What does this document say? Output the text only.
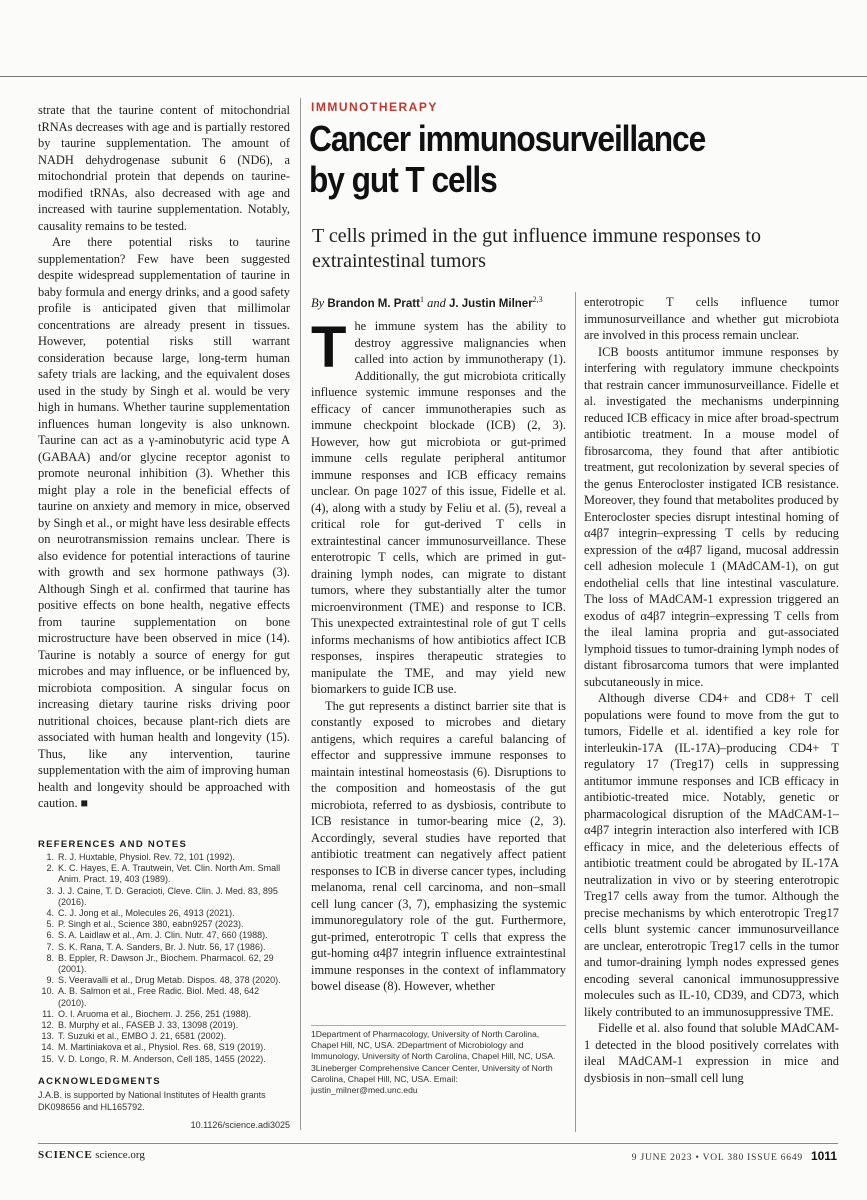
strate that the taurine content of mitochondrial tRNAs decreases with age and is partially restored by taurine supplementation. The amount of NADH dehydrogenase subunit 6 (ND6), a mitochondrial protein that depends on taurine-modified tRNAs, also decreased with age and increased with taurine supplementation. Notably, causality remains to be tested.

Are there potential risks to taurine supplementation? Few have been suggested despite widespread supplementation of taurine in baby formula and energy drinks, and a good safety profile is anticipated given that millimolar concentrations are already present in tissues. However, potential risks still warrant consideration because large, long-term human safety trials are lacking, and the equivalent doses used in the study by Singh et al. would be very high in humans. Whether taurine supplementation influences human longevity is also unknown. Taurine can act as a γ-aminobutyric acid type A (GABAA) and/or glycine receptor agonist to promote neuronal inhibition (3). Whether this might play a role in the beneficial effects of taurine on anxiety and memory in mice, observed by Singh et al., or might have less desirable effects on neurotransmission remains unclear. There is also evidence for potential interactions of taurine with growth and sex hormone pathways (3). Although Singh et al. confirmed that taurine has positive effects on bone health, negative effects from taurine supplementation on bone microstructure have been observed in mice (14). Taurine is notably a source of energy for gut microbes and may influence, or be influenced by, microbiota composition. A singular focus on increasing dietary taurine risks driving poor nutritional choices, because plant-rich diets are associated with human health and longevity (15). Thus, like any intervention, taurine supplementation with the aim of improving human health and longevity should be approached with caution. ■

REFERENCES AND NOTES
1. R. J. Huxtable, Physiol. Rev. 72, 101 (1992).
2. K. C. Hayes, E. A. Trautwein, Vet. Clin. North Am. Small Anim. Pract. 19, 403 (1989).
3. J. J. Caine, T. D. Geracioti, Cleve. Clin. J. Med. 83, 895 (2016).
4. C. J. Jong et al., Molecules 26, 4913 (2021).
5. P. Singh et al., Science 380, eabn9257 (2023).
6. S. A. Laidlaw et al., Am. J. Clin. Nutr. 47, 660 (1988).
7. S. K. Rana, T. A. Sanders, Br. J. Nutr. 56, 17 (1986).
8. B. Eppler, R. Dawson Jr., Biochem. Pharmacol. 62, 29 (2001).
9. S. Veeravalli et al., Drug Metab. Dispos. 48, 378 (2020).
10. A. B. Salmon et al., Free Radic. Biol. Med. 48, 642 (2010).
11. O. I. Aruoma et al., Biochem. J. 256, 251 (1988).
12. B. Murphy et al., FASEB J. 33, 13098 (2019).
13. T. Suzuki et al., EMBO J. 21, 6581 (2002).
14. M. Martiniakova et al., Physiol. Res. 68, S19 (2019).
15. V. D. Longo, R. M. Anderson, Cell 185, 1455 (2022).
ACKNOWLEDGMENTS
J.A.B. is supported by National Institutes of Health grants DK098656 and HL165792.
10.1126/science.adi3025
IMMUNOTHERAPY
Cancer immunosurveillance
by gut T cells
T cells primed in the gut influence immune responses to extraintestinal tumors
By Brandon M. Pratt$^1$ and J. Justin Milner$^{2,3}$

The immune system has the ability to destroy aggressive malignancies when called into action by immunotherapy (1). Additionally, the gut microbiota critically influence systemic immune responses and the efficacy of cancer immunotherapies such as immune checkpoint blockade (ICB) (2, 3). However, how gut microbiota or gut-primed immune cells regulate peripheral antitumor immune responses and ICB efficacy remains unclear. On page 1027 of this issue, Fidelle et al. (4), along with a study by Feliu et al. (5), reveal a critical role for gut-derived T cells in extraintestinal cancer immunosurveillance. These enterotropic T cells, which are primed in gut-draining lymph nodes, can migrate to distant tumors, where they substantially alter the tumor microenvironment (TME) and response to ICB. This unexpected extraintestinal role of gut T cells informs mechanisms of how antibiotics affect ICB responses, inspires therapeutic strategies to manipulate the TME, and may yield new biomarkers to guide ICB use.

The gut represents a distinct barrier site that is constantly exposed to microbes and dietary antigens, which requires a careful balancing of effector and suppressive immune responses to maintain intestinal homeostasis (6). Disruptions to the composition and homeostasis of the gut microbiota, referred to as dysbiosis, contribute to ICB resistance in tumor-bearing mice (2, 3). Accordingly, several studies have reported that antibiotic treatment can negatively affect patient responses to ICB in diverse cancer types, including melanoma, renal cell carcinoma, and non–small cell lung cancer (3, 7), emphasizing the systemic immunoregulatory role of the gut. Furthermore, gut-primed, enterotropic T cells that express the gut-homing α4β7 integrin influence extraintestinal immune responses in the context of inflammatory bowel disease (8). However, whether

1Department of Pharmacology, University of North Carolina, Chapel Hill, NC, USA. 2Department of Microbiology and Immunology, University of North Carolina, Chapel Hill, NC, USA. 3Lineberger Comprehensive Cancer Center, University of North Carolina, Chapel Hill, NC, USA. Email: justin_milner@med.unc.edu

enterotropic T cells influence tumor immunosurveillance and whether gut microbiota are involved in this process remain unclear.

ICB boosts antitumor immune responses by interfering with regulatory immune checkpoints that restrain cancer immunosurveillance. Fidelle et al. investigated the mechanisms underpinning reduced ICB efficacy in mice after broad-spectrum antibiotic treatment. In a mouse model of fibrosarcoma, they found that after antibiotic treatment, gut recolonization by several species of the genus Enterocloster instigated ICB resistance. Moreover, they found that metabolites produced by Enterocloster species disrupt intestinal homing of α4β7 integrin–expressing T cells by reducing expression of the α4β7 ligand, mucosal addressin cell adhesion molecule 1 (MAdCAM-1), on gut endothelial cells that line intestinal vasculature. The loss of MAdCAM-1 expression triggered an exodus of α4β7 integrin–expressing T cells from the ileal lamina propria and gut-associated lymphoid tissues to tumor-draining lymph nodes of distant fibrosarcoma tumors that were implanted subcutaneously in mice.

Although diverse CD4+ and CD8+ T cell populations were found to move from the gut to tumors, Fidelle et al. identified a key role for interleukin-17A (IL-17A)–producing CD4+ T regulatory 17 (Treg17) cells in suppressing antitumor immune responses and ICB efficacy in antibiotic-treated mice. Notably, genetic or pharmacological disruption of the MAdCAM-1–α4β7 integrin interaction also interfered with ICB efficacy in mice, and the deleterious effects of antibiotic treatment could be abrogated by IL-17A neutralization in vivo or by steering enterotropic Treg17 cells away from the tumor. Although the precise mechanisms by which enterotropic Treg17 cells blunt systemic cancer immunosurveillance are unclear, enterotropic Treg17 cells in the tumor and tumor-draining lymph nodes expressed genes encoding several canonical immunosuppressive molecules such as IL-10, CD39, and CD73, which likely contributed to an immunosuppressive TME.

Fidelle et al. also found that soluble MAdCAM-1 detected in the blood positively correlates with ileal MAdCAM-1 expression in mice and dysbiosis in non–small cell lung

SCIENCE science.org	9 JUNE 2023 • VOL 380 ISSUE 6649 1011
